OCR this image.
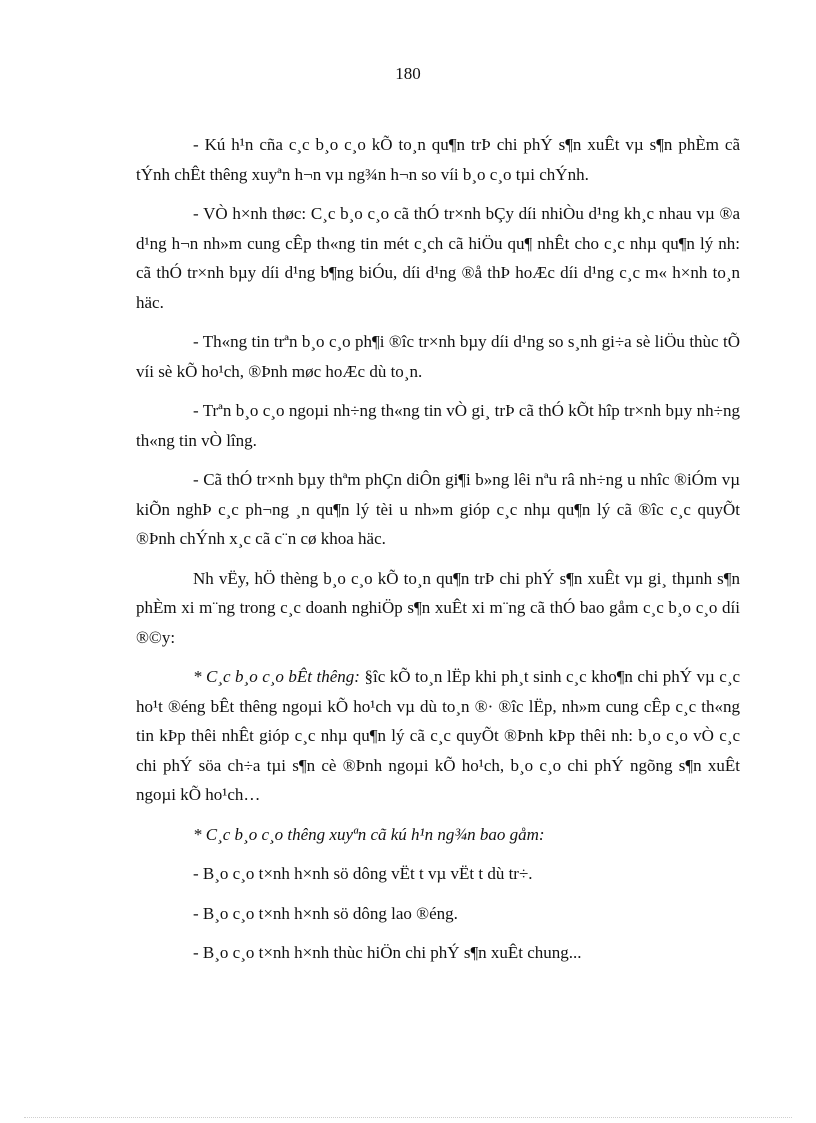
180

- Kú h¹n cña c¸c b¸o c¸o kÕ to¸n qu¶n trÞ chi phÝ s¶n xuÊt vµ s¶n phÈm cã tÝnh chÊt thêng xuyªn h¬n vµ ng¾n h¬n so víi b¸o c¸o tµi chÝnh.

- VÒ h×nh thøc: C¸c b¸o c¸o cã thÓ tr×nh bÇy díi nhiÒu d¹ng kh¸c nhau vµ ®a d¹ng h¬n nh»m cung cÊp th«ng tin mét c¸ch cã hiÖu qu¶ nhÊt cho c¸c nhµ qu¶n lý nh: cã thÓ tr×nh bµy díi d¹ng b¶ng biÓu, díi d¹ng ®å thÞ hoÆc díi d¹ng c¸c m« h×nh to¸n häc.

- Th«ng tin trªn b¸o c¸o ph¶i ®îc tr×nh bµy díi d¹ng so s¸nh gi÷a sè liÖu thùc tÕ víi sè kÕ ho¹ch, ®Þnh møc hoÆc dù to¸n.

- Trªn b¸o c¸o ngoµi nh÷ng th«ng tin vÒ gi¸ trÞ cã thÓ kÕt hîp tr×nh bµy nh÷ng th«ng tin vÒ lîng.

- Cã thÓ tr×nh bµy thªm phÇn diÔn gi¶i b»ng lêi nªu râ nh÷ng u nhîc ®iÓm vµ kiÕn nghÞ c¸c ph¬ng ¸n qu¶n lý tèi u nh»m gióp c¸c nhµ qu¶n lý cã ®îc c¸c quyÕt ®Þnh chÝnh x¸c cã c¨n cø khoa häc.

Nh vËy, hÖ thèng b¸o c¸o kÕ to¸n qu¶n trÞ chi phÝ s¶n xuÊt vµ gi¸ thµnh s¶n phÈm xi m¨ng trong c¸c doanh nghiÖp s¶n xuÊt xi m¨ng cã thÓ bao gåm c¸c b¸o c¸o díi ®©y:

* C¸c b¸o c¸o bÊt thêng: §îc kÕ to¸n lËp khi ph¸t sinh c¸c kho¶n chi phÝ vµ c¸c ho¹t ®éng bÊt thêng ngoµi kÕ ho¹ch vµ dù to¸n ®· ®îc lËp, nh»m cung cÊp c¸c th«ng tin kÞp thêi nhÊt gióp c¸c nhµ qu¶n lý cã c¸c quyÕt ®Þnh kÞp thêi nh: b¸o c¸o vÒ c¸c chi phÝ söa ch÷a tµi s¶n cè ®Þnh ngoµi kÕ ho¹ch, b¸o c¸o chi phÝ ngõng s¶n xuÊt ngoµi kÕ ho¹ch…

* C¸c b¸o c¸o thêng xuyªn cã kú h¹n ng¾n bao gåm:

- B¸o c¸o t×nh h×nh sö dông vËt t vµ vËt t dù tr÷.

- B¸o c¸o t×nh h×nh sö dông lao ®éng.

- B¸o c¸o t×nh h×nh thùc hiÖn chi phÝ s¶n xuÊt chung...
